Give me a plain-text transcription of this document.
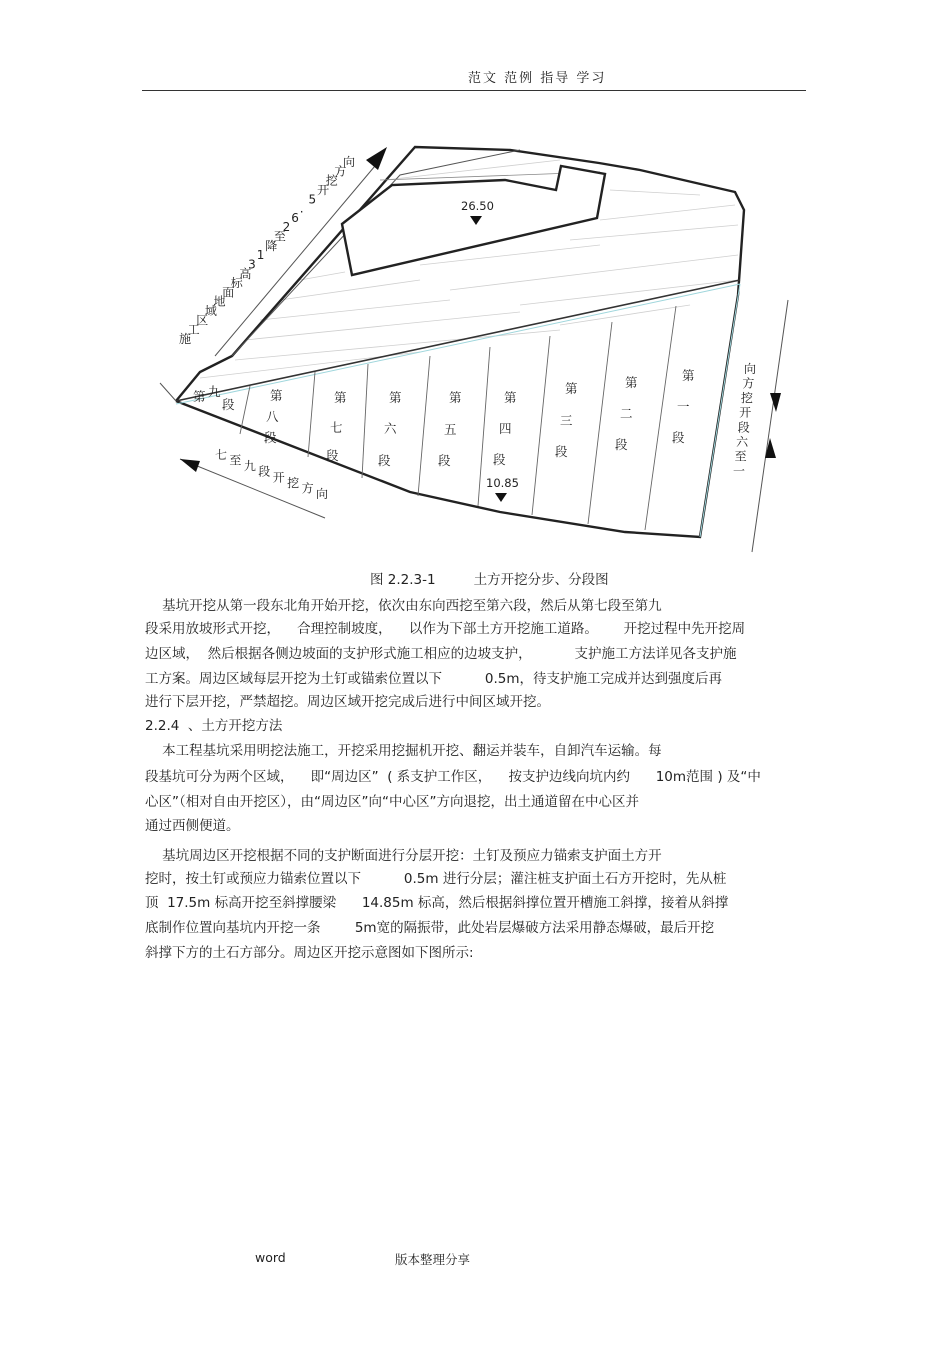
范文 范例 指导 学习
第 九
段
第
八
段
第
七
段
第
六
段
第
五
段
第
四
段
第
三
段
第
二
段
第
一
段
26.50
10.85
施
工
区
域
地
面
标
高
3
1
降
至
2
6
.
5
开
挖
方
向
七 至 九 段 开 挖 方 向
向
方
挖
开
段
六
至
一
图 2.2.3-1	土方开挖分步、分段图
基坑开挖从第一段东北角开始开挖，依次由东向西挖至第六段，然后从第七段至第九
段采用放坡形式开挖，    合理控制坡度，    以作为下部土方开挖施工道路。      开挖过程中先开挖周
边区域，  然后根据各侧边坡面的支护形式施工相应的边坡支护，          支护施工方法详见各支护施
工方案。周边区域每层开挖为土钉或锚索位置以下          0.5m，待支护施工完成并达到强度后再
进行下层开挖，严禁超挖。周边区域开挖完成后进行中间区域开挖。
2.2.4  、土方开挖方法
本工程基坑采用明挖法施工，开挖采用挖掘机开挖、翻运并装车，自卸汽车运输。每
段基坑可分为两个区域，    即“周边区”  ( 系支护工作区，    按支护边线向坑内约      10m范围 ) 及“中
心区”（相对自由开挖区），由“周边区”向“中心区”方向退挖，出土通道留在中心区并
通过西侧便道。
基坑周边区开挖根据不同的支护断面进行分层开挖：土钉及预应力锚索支护面土方开
挖时，按土钉或预应力锚索位置以下          0.5m 进行分层；灌注桩支护面土石方开挖时，先从桩
顶  17.5m 标高开挖至斜撑腰梁      14.85m 标高，然后根据斜撑位置开槽施工斜撑，接着从斜撑
底制作位置向基坑内开挖一条        5m宽的隔振带，此处岩层爆破方法采用静态爆破，最后开挖
斜撑下方的土石方部分。周边区开挖示意图如下图所示:
word	版本整理分享
